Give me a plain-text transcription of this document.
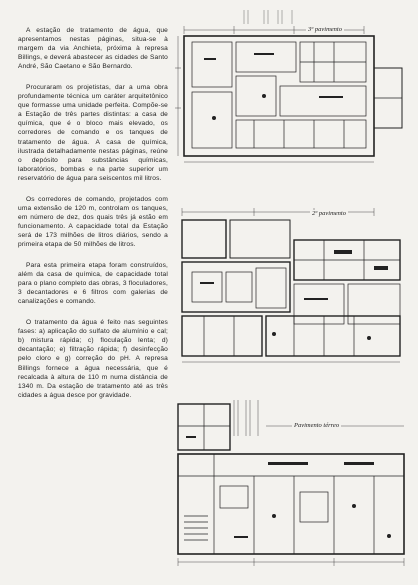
A estação de tratamento de água, que apresentamos nestas páginas, situa-se à margem da via Anchieta, próxima à represa Billings, e deverá abastecer as cidades de Santo André, São Caetano e São Bernardo.

Procuraram os projetistas, dar a uma obra profundamente técnica um caráter arquitetônico que formasse uma unidade perfeita. Compõe-se a Estação de três partes distintas: a casa de química, que é o bloco mais elevado, os corredores de comando e os tanques de tratamento de água. A casa de química, ilustrada detalhadamente nestas páginas, reúne o depósito para substâncias químicas, laboratórios, bombas e na parte superior um reservatório de água para seiscentos mil litros.

Os corredores de comando, projetados com uma extensão de 120 m, controlam os tanques, em número de dez, dos quais três já estão em funcionamento. A capacidade total da Estação será de 173 milhões de litros diários, sendo a primeira etapa de 50 milhões de litros.

Para esta primeira etapa foram construídos, além da casa de química, de capacidade total para o plano completo das obras, 3 floculadores, 3 decantadores e 6 filtros com galerias de canalizações e comando.

O tratamento da água é feito nas seguintes fases: a) aplicação do sulfato de alumínio e cal; b) mistura rápida; c) floculação lenta; d) decantação; e) filtração rápida; f) desinfecção pelo cloro e g) correção do pH. A represa Billings fornece a água necessária, que é recalcada à altura de 110 m numa distância de 1340 m. Da estação de tratamento até as três cidades a água desce por gravidade.

3º pavimento
2º pavimento
Pavimento térreo
